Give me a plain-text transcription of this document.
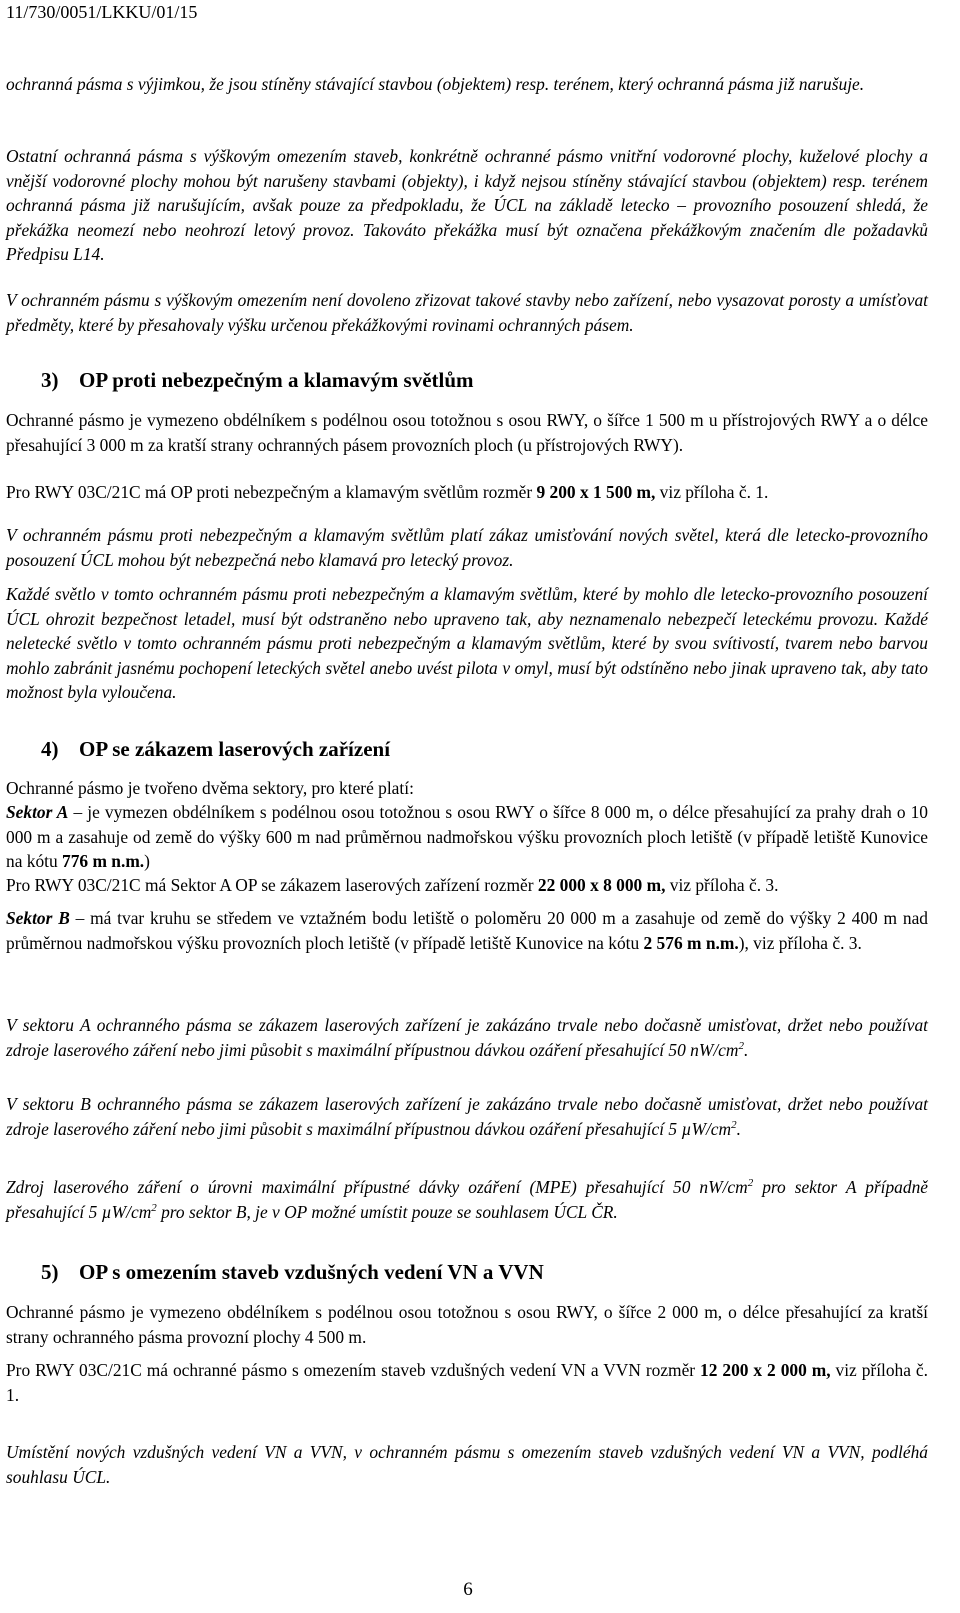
11/730/0051/LKKU/01/15

ochranná pásma s výjimkou, že jsou stíněny stávající stavbou (objektem) resp. terénem, který ochranná pásma již narušuje.

Ostatní ochranná pásma s výškovým omezením staveb, konkrétně ochranné pásmo vnitřní vodorovné plochy, kuželové plochy a vnější vodorovné plochy mohou být narušeny stavbami (objekty), i když nejsou stíněny stávající stavbou (objektem) resp. terénem ochranná pásma již narušujícím, avšak pouze za předpokladu, že ÚCL na základě letecko – provozního posouzení shledá, že překážka neomezí nebo neohrozí letový provoz. Takováto překážka musí být označena překážkovým značením dle požadavků Předpisu L14.

V ochranném pásmu s výškovým omezením není dovoleno zřizovat takové stavby nebo zařízení, nebo vysazovat porosty a umísťovat předměty, které by přesahovaly výšku určenou překážkovými rovinami ochranných pásem.

3) OP proti nebezpečným a klamavým světlům

Ochranné pásmo je vymezeno obdélníkem s podélnou osou totožnou s osou RWY, o šířce 1 500 m u přístrojových RWY a o délce přesahující 3 000 m za kratší strany ochranných pásem provozních ploch (u přístrojových RWY).

Pro RWY 03C/21C má OP proti nebezpečným a klamavým světlům rozměr 9 200 x 1 500 m, viz příloha č. 1.

V ochranném pásmu proti nebezpečným a klamavým světlům platí zákaz umisťování nových světel, která dle letecko-provozního posouzení ÚCL mohou být nebezpečná nebo klamavá pro letecký provoz.

Každé světlo v tomto ochranném pásmu proti nebezpečným a klamavým světlům, které by mohlo dle letecko-provozního posouzení ÚCL ohrozit bezpečnost letadel, musí být odstraněno nebo upraveno tak, aby neznamenalo nebezpečí leteckému provozu. Každé neletecké světlo v tomto ochranném pásmu proti nebezpečným a klamavým světlům, které by svou svítivostí, tvarem nebo barvou mohlo zabránit jasnému pochopení leteckých světel anebo uvést pilota v omyl, musí být odstíněno nebo jinak upraveno tak, aby tato možnost byla vyloučena.

4) OP se zákazem laserových zařízení

Ochranné pásmo je tvořeno dvěma sektory, pro které platí:

Sektor A – je vymezen obdélníkem s podélnou osou totožnou s osou RWY o šířce 8 000 m, o délce přesahující za prahy drah o 10 000 m a zasahuje od země do výšky 600 m nad průměrnou nadmořskou výšku provozních ploch letiště (v případě letiště Kunovice na kótu 776 m n.m.)

Pro RWY 03C/21C má Sektor A OP se zákazem laserových zařízení rozměr 22 000 x 8 000 m, viz příloha č. 3.

Sektor B – má tvar kruhu se středem ve vztažném bodu letiště o poloměru 20 000 m a zasahuje od země do výšky 2 400 m nad průměrnou nadmořskou výšku provozních ploch letiště (v případě letiště Kunovice na kótu 2 576 m n.m.), viz příloha č. 3.

V sektoru A ochranného pásma se zákazem laserových zařízení je zakázáno trvale nebo dočasně umisťovat, držet nebo používat zdroje laserového záření nebo jimi působit s maximální přípustnou dávkou ozáření přesahující 50 $nW/cm^2$.

V sektoru B ochranného pásma se zákazem laserových zařízení je zakázáno trvale nebo dočasně umisťovat, držet nebo používat zdroje laserového záření nebo jimi působit s maximální přípustnou dávkou ozáření přesahující 5 $\mu W/cm^2$.

Zdroj laserového záření o úrovni maximální přípustné dávky ozáření (MPE) přesahující 50 $nW/cm^2$ pro sektor A případně přesahující 5 $\mu W/cm^2$ pro sektor B, je v OP možné umístit pouze se souhlasem ÚCL ČR.

5) OP s omezením staveb vzdušných vedení VN a VVN

Ochranné pásmo je vymezeno obdélníkem s podélnou osou totožnou s osou RWY, o šířce 2 000 m, o délce přesahující za kratší strany ochranného pásma provozní plochy 4 500 m.

Pro RWY 03C/21C má ochranné pásmo s omezením staveb vzdušných vedení VN a VVN rozměr 12 200 x 2 000 m, viz příloha č. 1.

Umístění nových vzdušných vedení VN a VVN, v ochranném pásmu s omezením staveb vzdušných vedení VN a VVN, podléhá souhlasu ÚCL.

6
